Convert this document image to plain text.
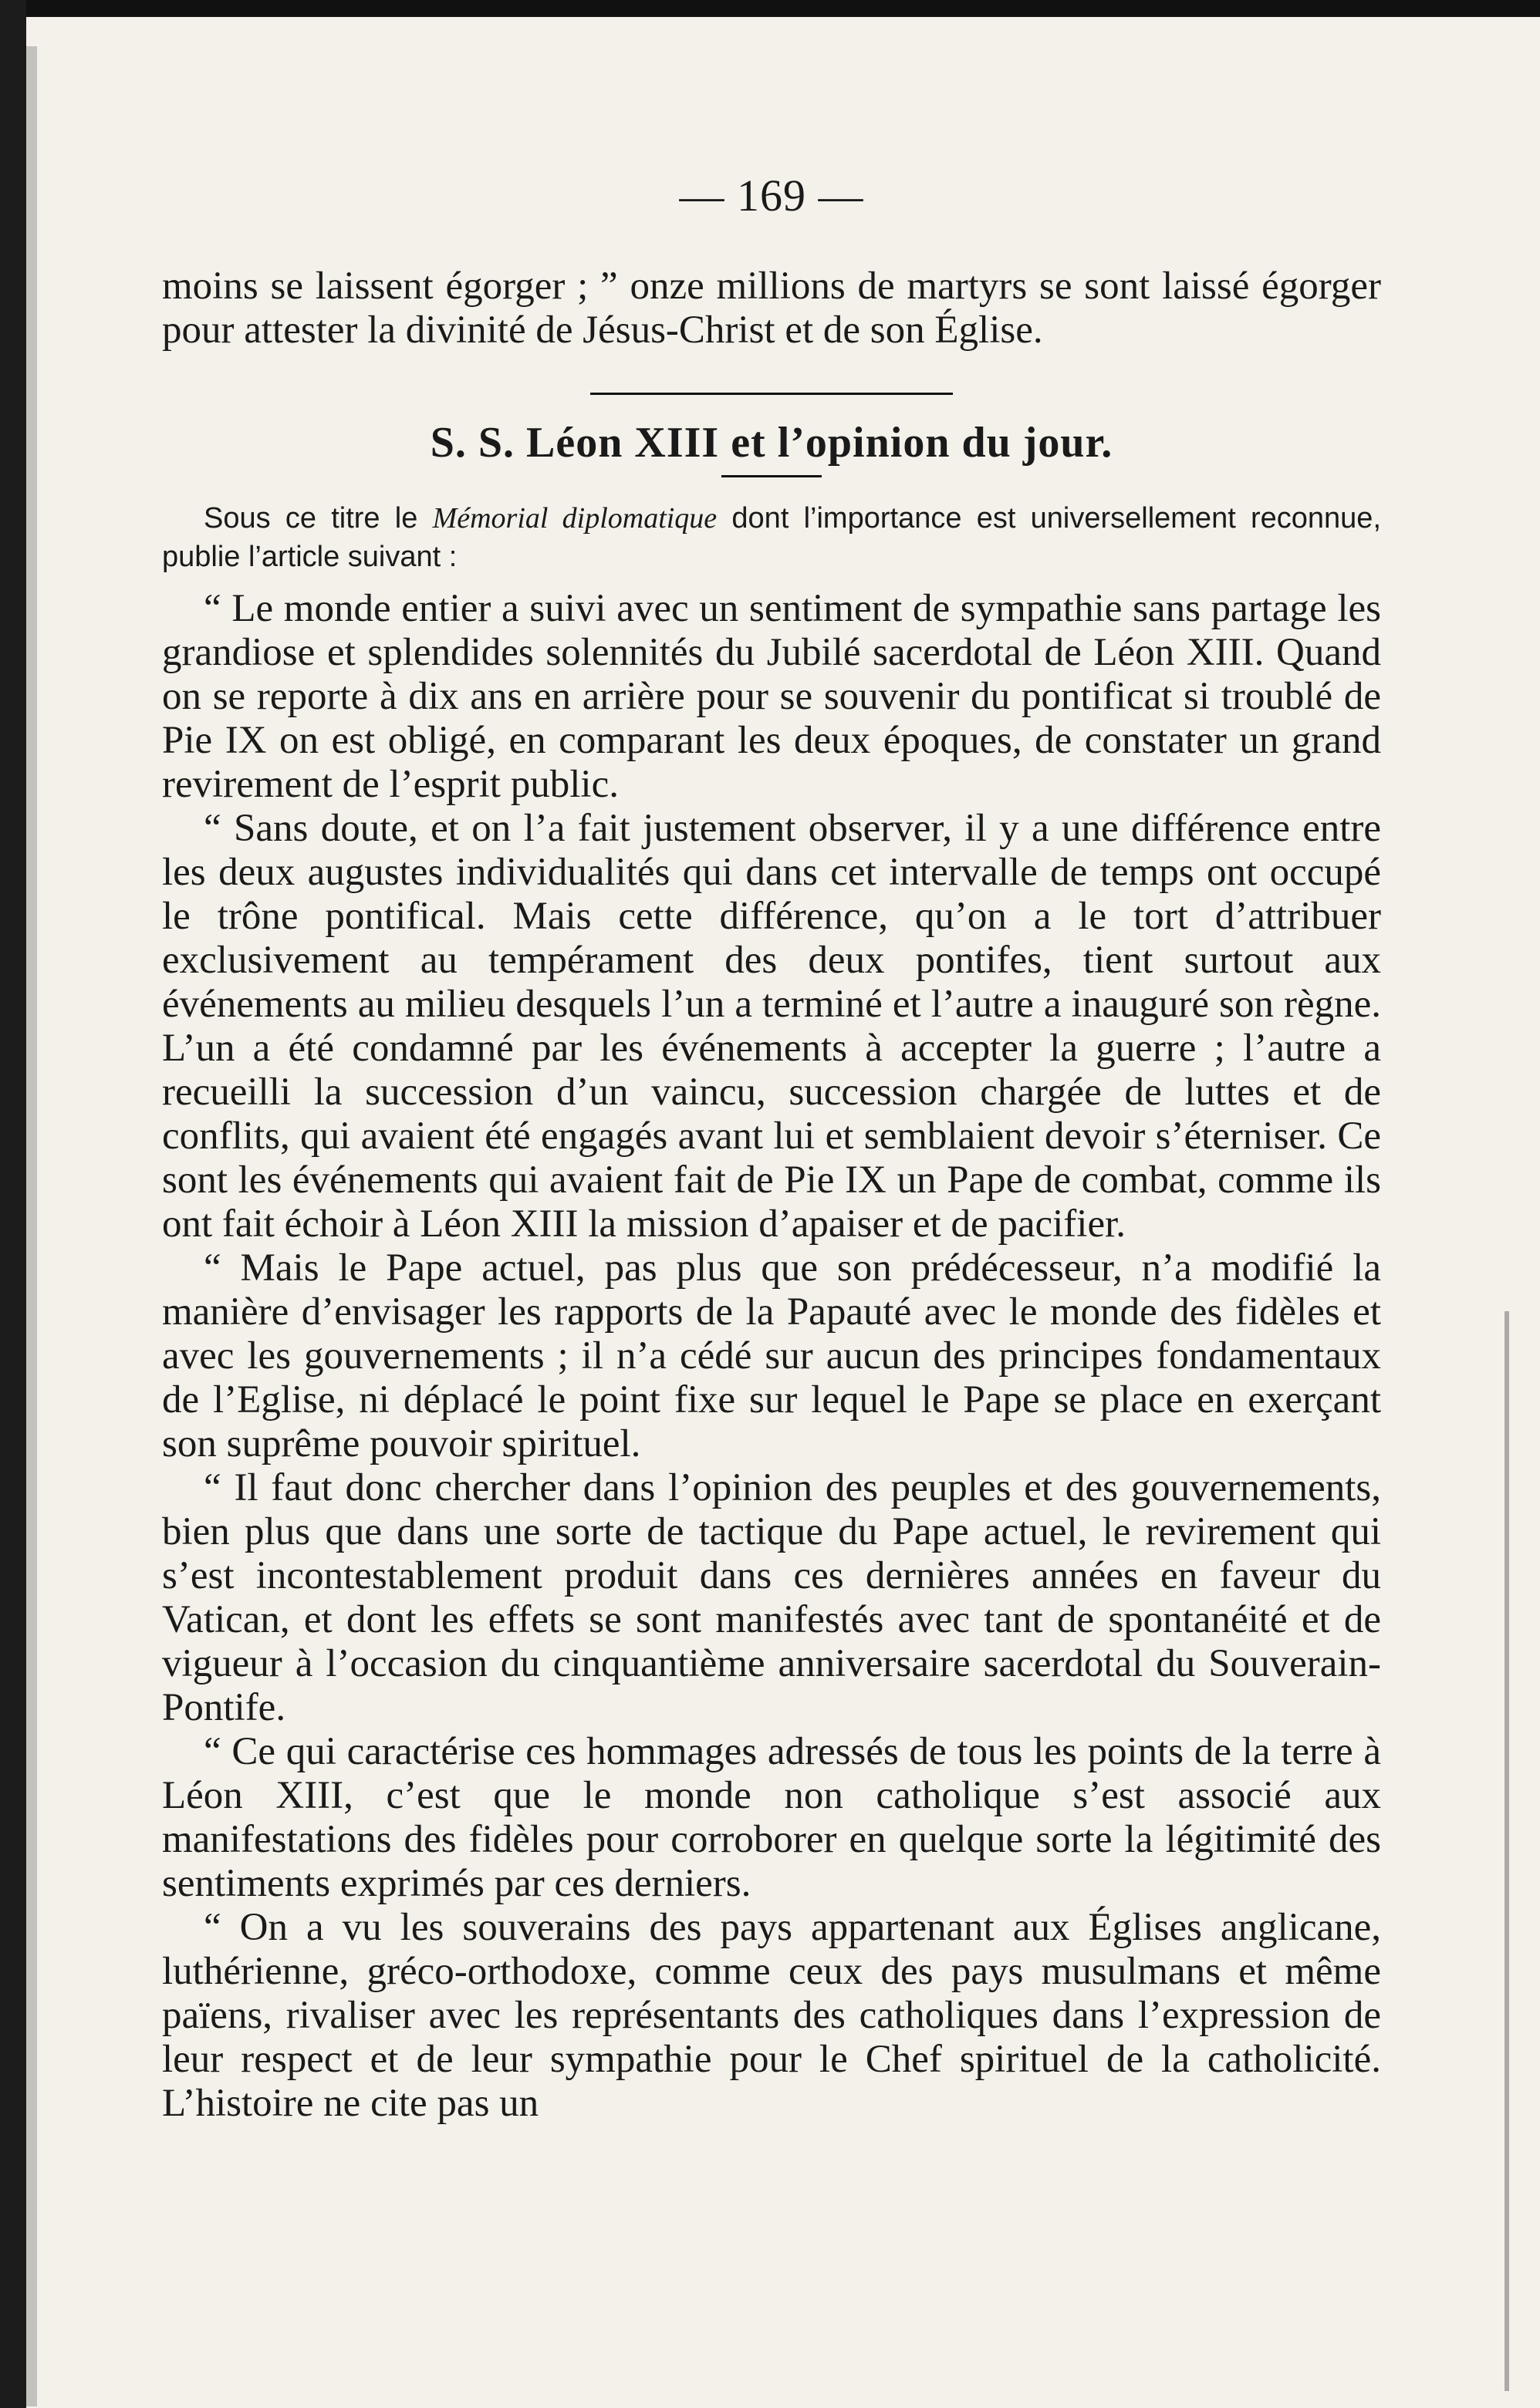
— 169 —

moins se laissent égorger ; ” onze millions de martyrs se sont laissé égorger pour attester la divinité de Jésus-Christ et de son Église.

S. S. Léon XIII et l’opinion du jour.

Sous ce titre le Mémorial diplomatique dont l’importance est universellement reconnue, publie l’article suivant :

“ Le monde entier a suivi avec un sentiment de sympathie sans partage les grandiose et splendides solennités du Jubilé sacerdotal de Léon XIII. Quand on se reporte à dix ans en arrière pour se souvenir du pontificat si troublé de Pie IX on est obligé, en comparant les deux époques, de constater un grand revirement de l’esprit public.

“ Sans doute, et on l’a fait justement observer, il y a une différence entre les deux augustes individualités qui dans cet intervalle de temps ont occupé le trône pontifical. Mais cette différence, qu’on a le tort d’attribuer exclusivement au tempérament des deux pontifes, tient surtout aux événements au milieu desquels l’un a terminé et l’autre a inauguré son règne. L’un a été condamné par les événements à accepter la guerre ; l’autre a recueilli la succession d’un vaincu, succession chargée de luttes et de conflits, qui avaient été engagés avant lui et semblaient devoir s’éterniser. Ce sont les événements qui avaient fait de Pie IX un Pape de combat, comme ils ont fait échoir à Léon XIII la mission d’apaiser et de pacifier.

“ Mais le Pape actuel, pas plus que son prédécesseur, n’a modifié la manière d’envisager les rapports de la Papauté avec le monde des fidèles et avec les gouvernements ; il n’a cédé sur aucun des principes fondamentaux de l’Eglise, ni déplacé le point fixe sur lequel le Pape se place en exerçant son suprême pouvoir spirituel.

“ Il faut donc chercher dans l’opinion des peuples et des gouvernements, bien plus que dans une sorte de tactique du Pape actuel, le revirement qui s’est incontestablement produit dans ces dernières années en faveur du Vatican, et dont les effets se sont manifestés avec tant de spontanéité et de vigueur à l’occasion du cinquantième anniversaire sacerdotal du Souverain-Pontife.

“ Ce qui caractérise ces hommages adressés de tous les points de la terre à Léon XIII, c’est que le monde non catholique s’est associé aux manifestations des fidèles pour corroborer en quelque sorte la légitimité des sentiments exprimés par ces derniers.

“ On a vu les souverains des pays appartenant aux Églises anglicane, luthérienne, gréco-orthodoxe, comme ceux des pays musulmans et même païens, rivaliser avec les représentants des catholiques dans l’expression de leur respect et de leur sympathie pour le Chef spirituel de la catholicité. L’histoire ne cite pas un
